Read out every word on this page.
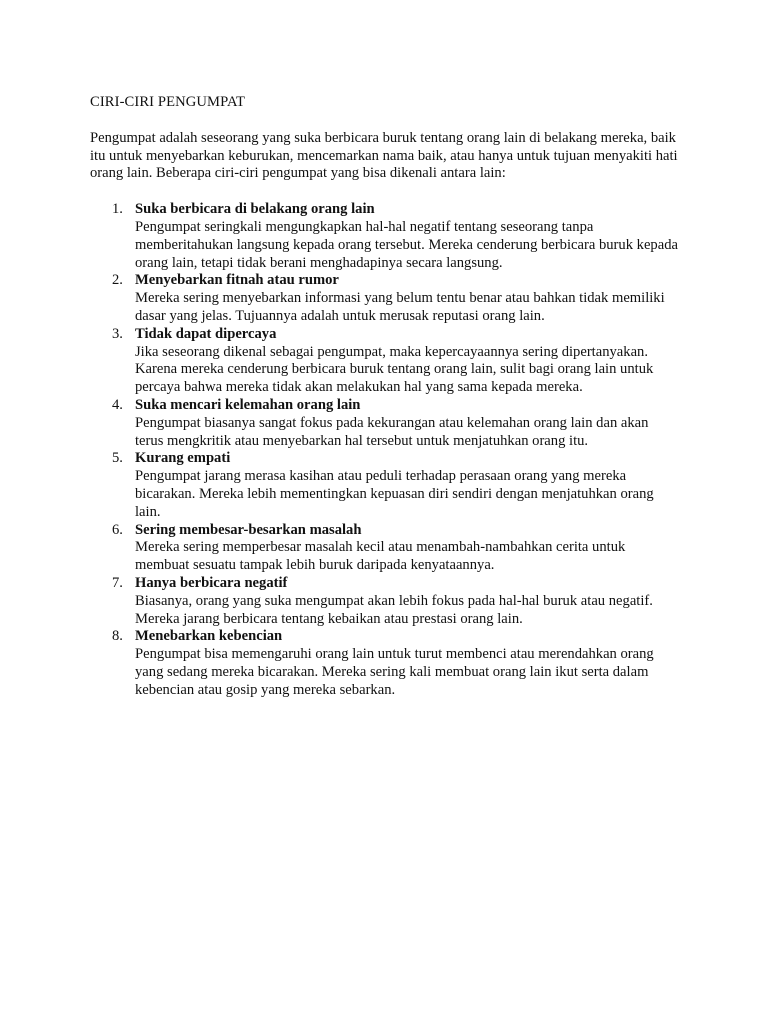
CIRI-CIRI PENGUMPAT

Pengumpat adalah seseorang yang suka berbicara buruk tentang orang lain di belakang mereka, baik itu untuk menyebarkan keburukan, mencemarkan nama baik, atau hanya untuk tujuan menyakiti hati orang lain. Beberapa ciri-ciri pengumpat yang bisa dikenali antara lain:

1. Suka berbicara di belakang orang lain
Pengumpat seringkali mengungkapkan hal-hal negatif tentang seseorang tanpa memberitahukan langsung kepada orang tersebut. Mereka cenderung berbicara buruk kepada orang lain, tetapi tidak berani menghadapinya secara langsung.
2. Menyebarkan fitnah atau rumor
Mereka sering menyebarkan informasi yang belum tentu benar atau bahkan tidak memiliki dasar yang jelas. Tujuannya adalah untuk merusak reputasi orang lain.
3. Tidak dapat dipercaya
Jika seseorang dikenal sebagai pengumpat, maka kepercayaannya sering dipertanyakan. Karena mereka cenderung berbicara buruk tentang orang lain, sulit bagi orang lain untuk percaya bahwa mereka tidak akan melakukan hal yang sama kepada mereka.
4. Suka mencari kelemahan orang lain
Pengumpat biasanya sangat fokus pada kekurangan atau kelemahan orang lain dan akan terus mengkritik atau menyebarkan hal tersebut untuk menjatuhkan orang itu.
5. Kurang empati
Pengumpat jarang merasa kasihan atau peduli terhadap perasaan orang yang mereka bicarakan. Mereka lebih mementingkan kepuasan diri sendiri dengan menjatuhkan orang lain.
6. Sering membesar-besarkan masalah
Mereka sering memperbesar masalah kecil atau menambah-nambahkan cerita untuk membuat sesuatu tampak lebih buruk daripada kenyataannya.
7. Hanya berbicara negatif
Biasanya, orang yang suka mengumpat akan lebih fokus pada hal-hal buruk atau negatif. Mereka jarang berbicara tentang kebaikan atau prestasi orang lain.
8. Menebarkan kebencian
Pengumpat bisa memengaruhi orang lain untuk turut membenci atau merendahkan orang yang sedang mereka bicarakan. Mereka sering kali membuat orang lain ikut serta dalam kebencian atau gosip yang mereka sebarkan.
